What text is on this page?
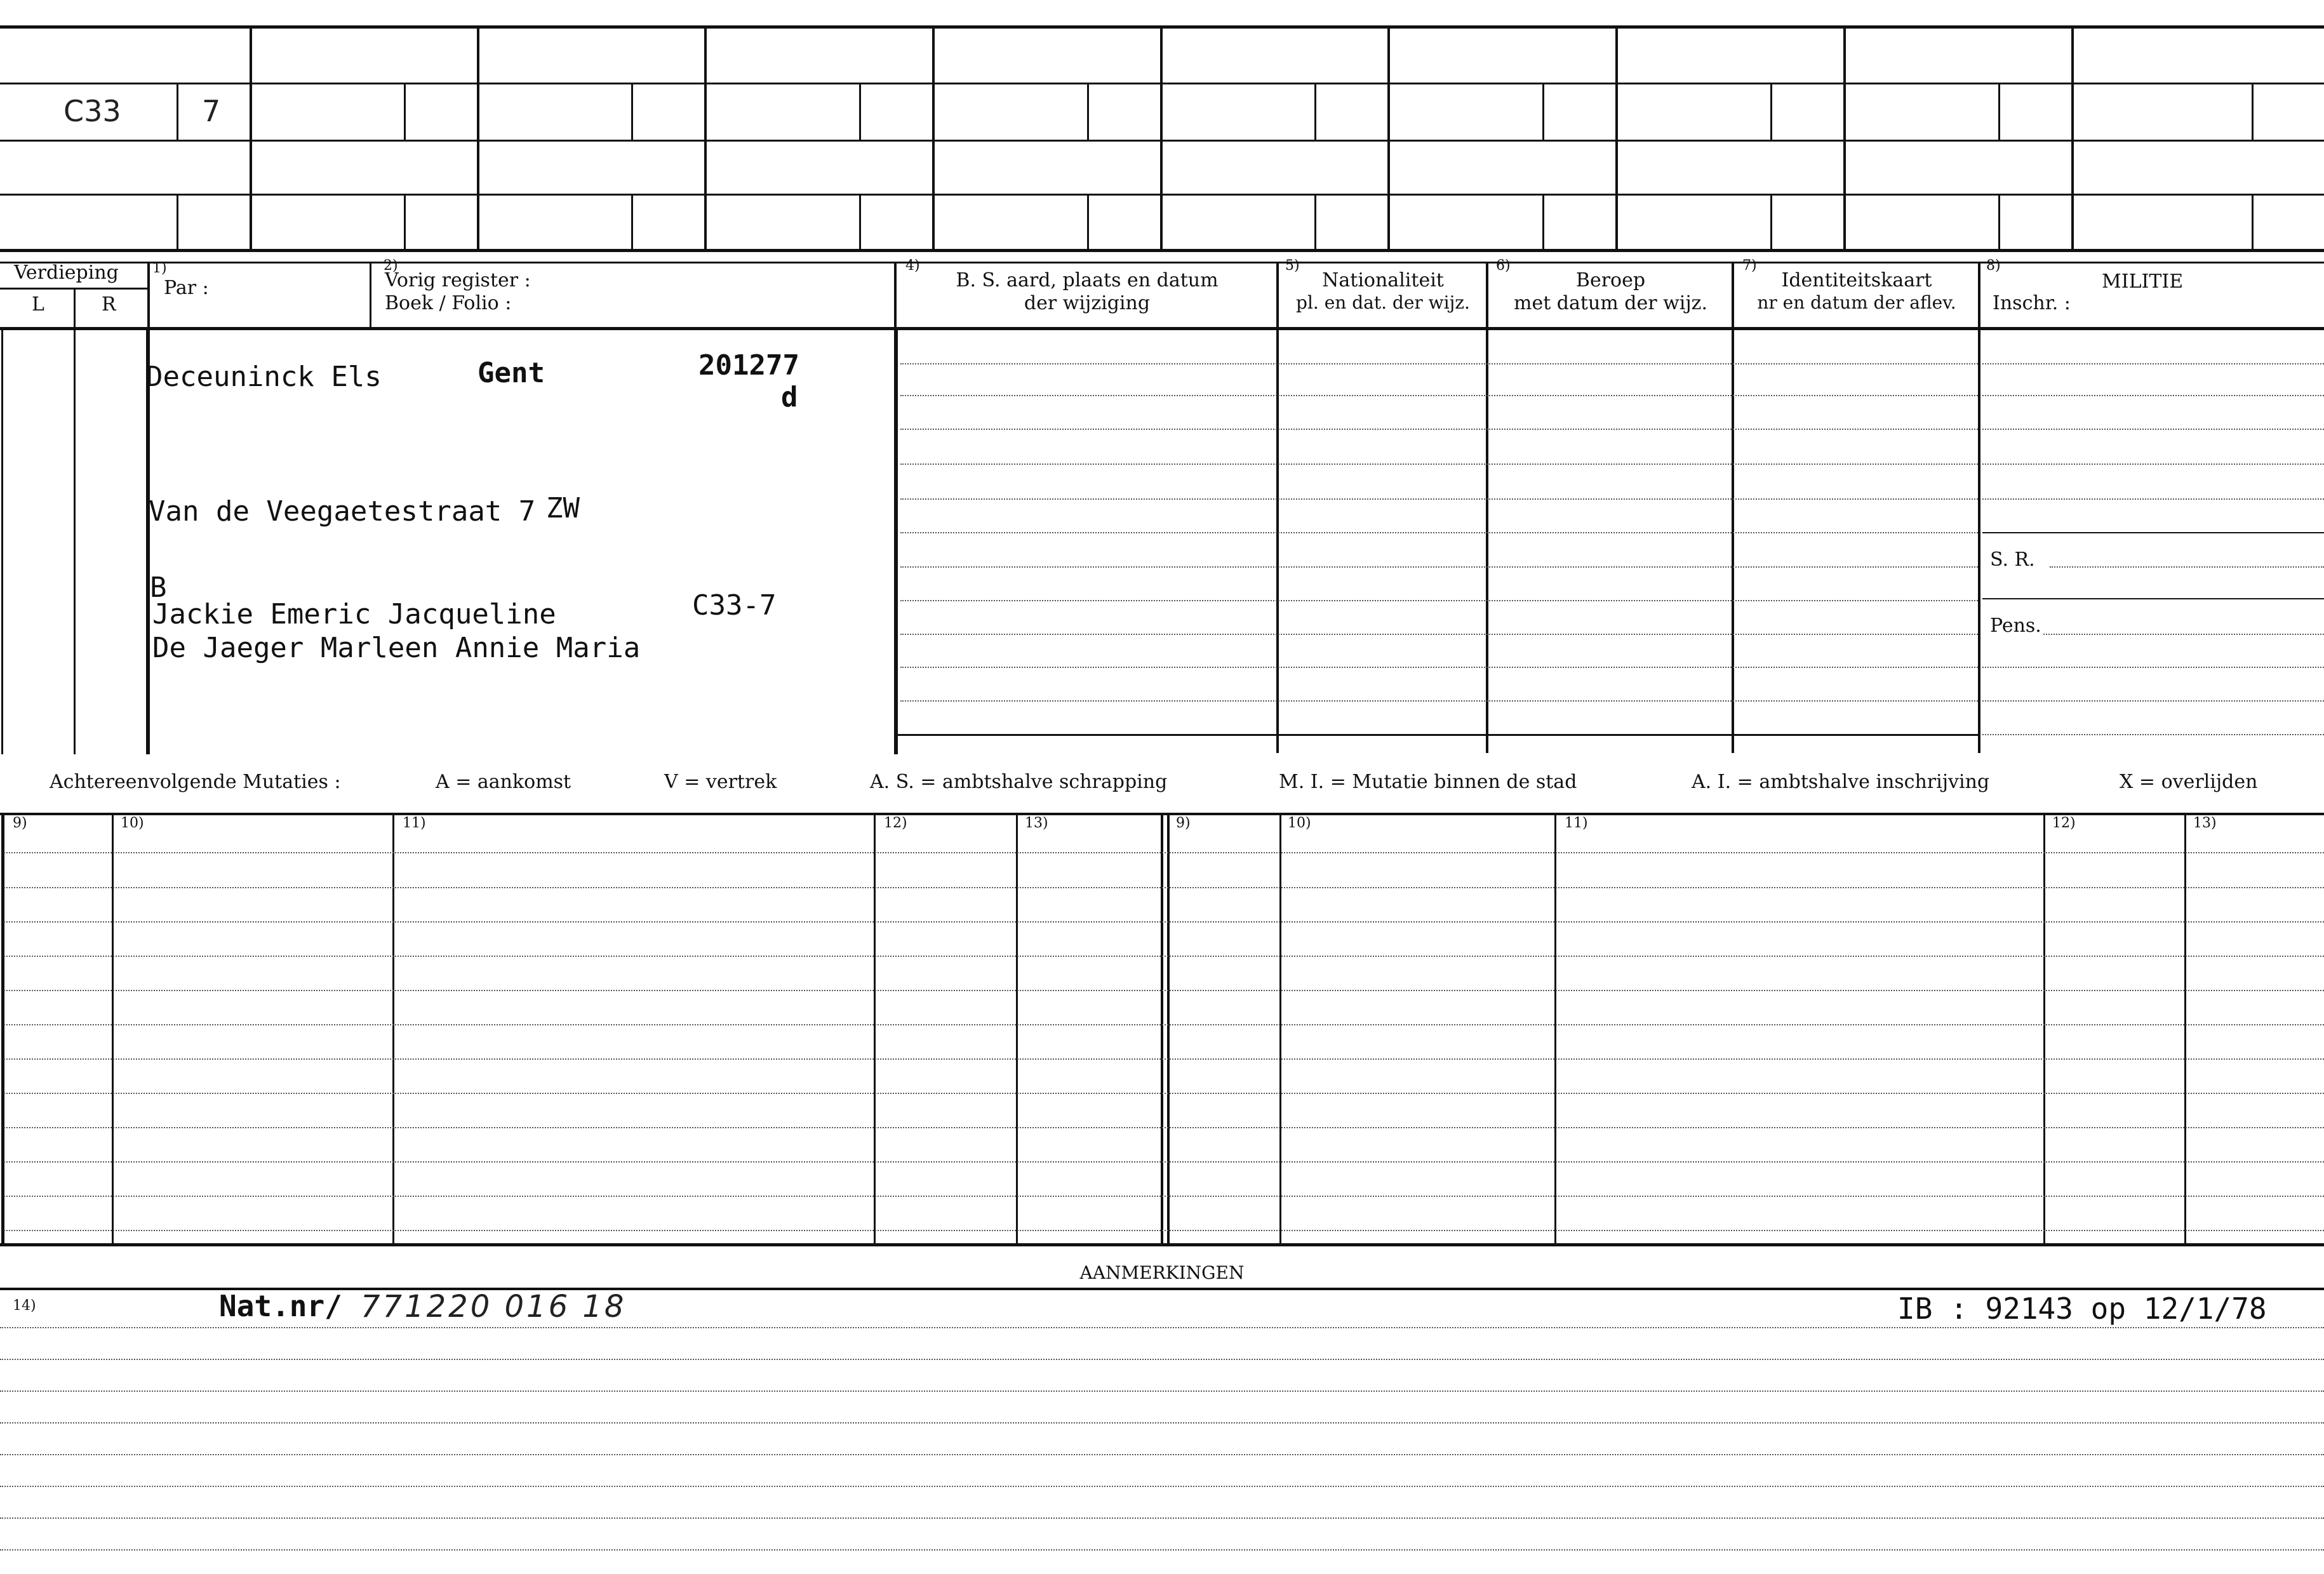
C33	7
Verdieping
L	R
1)
Par :
2)
Vorig register :
Boek / Folio :
4)
B. S. aard, plaats en datum
der wijziging
5)
Nationaliteit
pl. en dat. der wijz.
6)
Beroep
met datum der wijz.
7)
Identiteitskaart
nr en datum der aflev.
8)
MILITIE
Inschr. :
S. R.
Pens.
Deceuninck Els	Gent	201277
d
Van de Veegaetestraat 7 ZW
B
Jackie Emeric Jacqueline	C33-7
De Jaeger Marleen Annie Maria
Achtereenvolgende Mutaties :	A = aankomst	V = vertrek	A. S. = ambtshalve schrapping	M. I. = Mutatie binnen de stad	A. I. = ambtshalve inschrijving	X = overlijden
9)	10)	11)	12)	13)	9)	10)	11)	12)	13)
AANMERKINGEN
14)	Nat.nr/ 771220 016 18	IB : 92143 op 12/1/78
